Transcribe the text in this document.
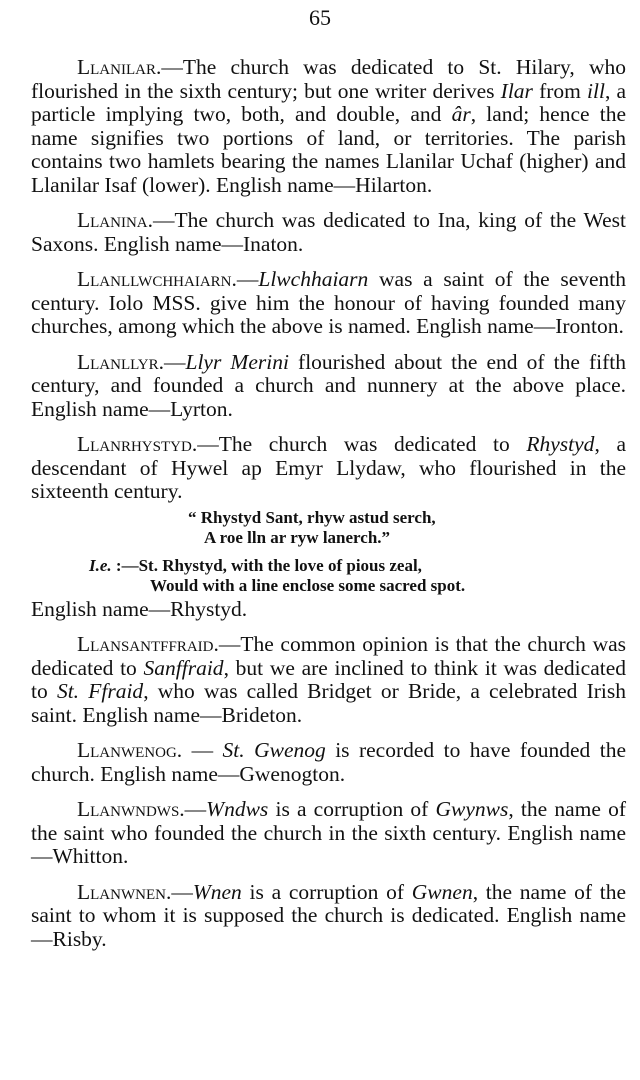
65

Llanilar.—The church was dedicated to St. Hilary, who flourished in the sixth century; but one writer derives Ilar from ill, a particle implying two, both, and double, and âr, land; hence the name signifies two portions of land, or territories. The parish contains two hamlets bearing the names Llanilar Uchaf (higher) and Llanilar Isaf (lower). English name—Hilarton.

Llanina.—The church was dedicated to Ina, king of the West Saxons. English name—Inaton.

Llanllwchhaiarn.—Llwchhaiarn was a saint of the seventh century. Iolo MSS. give him the honour of having founded many churches, among which the above is named. English name—Ironton.

Llanllyr.—Llyr Merini flourished about the end of the fifth century, and founded a church and nunnery at the above place. English name—Lyrton.

Llanrhystyd.—The church was dedicated to Rhystyd, a descendant of Hywel ap Emyr Llydaw, who flourished in the sixteenth century.

“ Rhystyd Sant, rhyw astud serch,
A roe lln ar ryw lanerch.”
I.e. :—St. Rhystyd, with the love of pious zeal,
Would with a line enclose some sacred spot.

English name—Rhystyd.

Llansantffraid.—The common opinion is that the church was dedicated to Sanffraid, but we are inclined to think it was dedicated to St. Ffraid, who was called Bridget or Bride, a celebrated Irish saint. English name—Brideton.

Llanwenog. — St. Gwenog is recorded to have founded the church. English name—Gwenogton.

Llanwndws.—Wndws is a corruption of Gwynws, the name of the saint who founded the church in the sixth century. English name—Whitton.

Llanwnen.—Wnen is a corruption of Gwnen, the name of the saint to whom it is supposed the church is dedicated. English name—Risby.
